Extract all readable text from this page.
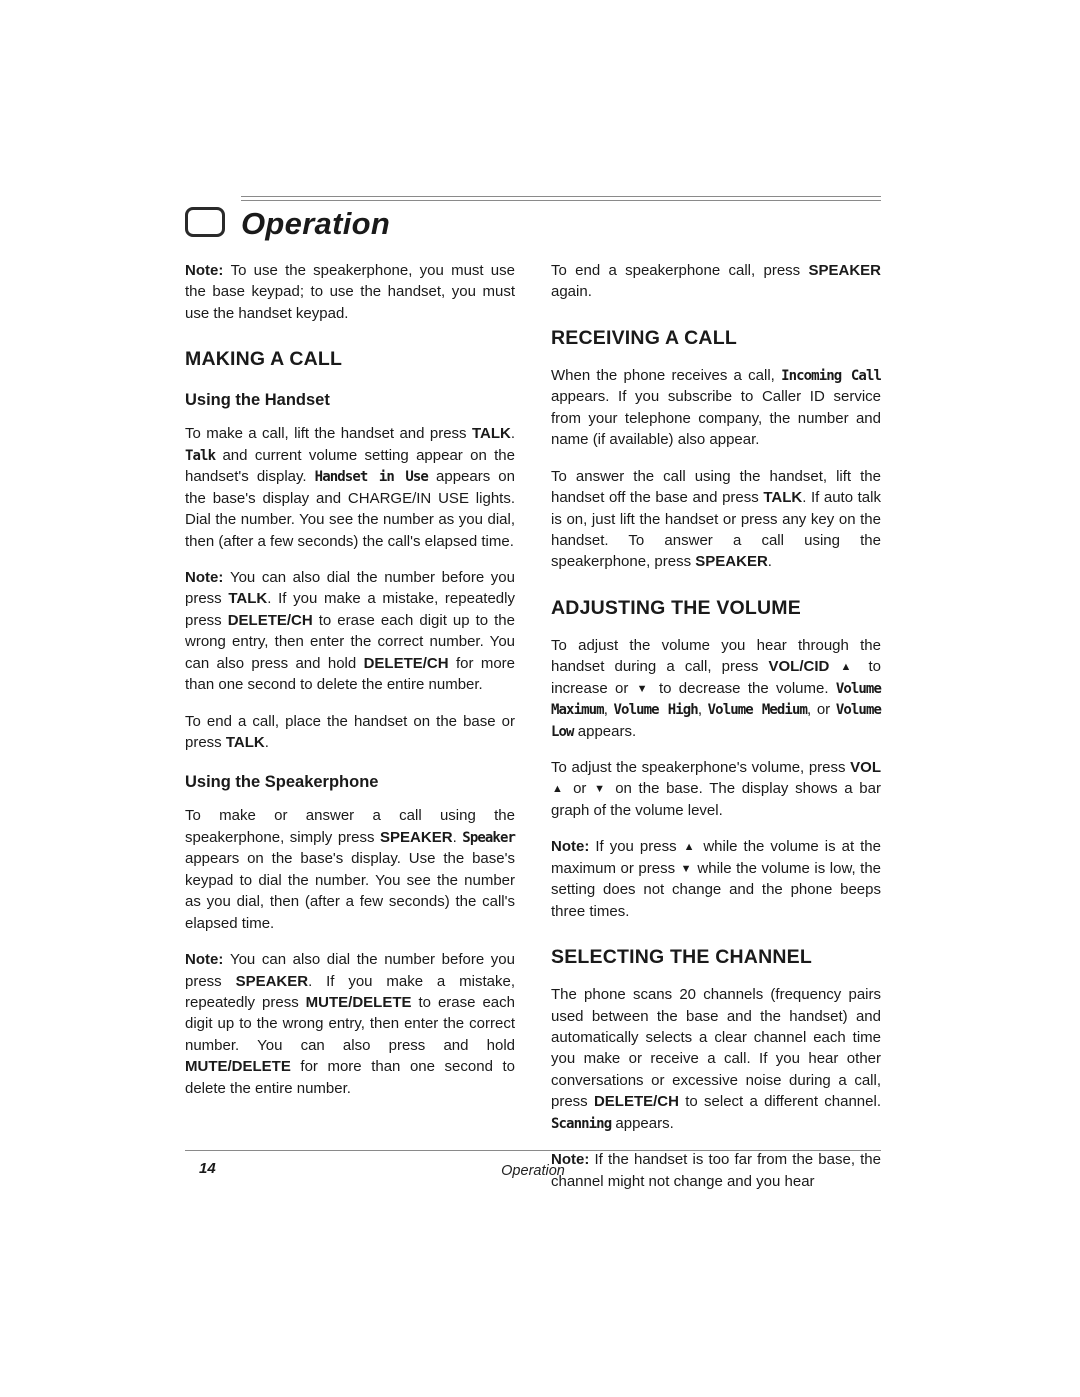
Operation

Note: To use the speakerphone, you must use the base keypad; to use the handset, you must use the handset keypad.

MAKING A CALL
Using the Handset

To make a call, lift the handset and press TALK. Talk and current volume setting appear on the handset's display. Handset in Use appears on the base's display and CHARGE/IN USE lights. Dial the number. You see the number as you dial, then (after a few seconds) the call's elapsed time.

Note: You can also dial the number before you press TALK. If you make a mistake, repeatedly press DELETE/CH to erase each digit up to the wrong entry, then enter the correct number. You can also press and hold DELETE/CH for more than one second to delete the entire number.

To end a call, place the handset on the base or press TALK.

Using the Speakerphone

To make or answer a call using the speakerphone, simply press SPEAKER. Speaker appears on the base's display. Use the base's keypad to dial the number. You see the number as you dial, then (after a few seconds) the call's elapsed time.

Note: You can also dial the number before you press SPEAKER. If you make a mistake, repeatedly press MUTE/DELETE to erase each digit up to the wrong entry, then enter the correct number. You can also press and hold MUTE/DELETE for more than one second to delete the entire number.

To end a speakerphone call, press SPEAKER again.

RECEIVING A CALL

When the phone receives a call, Incoming Call appears. If you subscribe to Caller ID service from your telephone company, the number and name (if available) also appear.

To answer the call using the handset, lift the handset off the base and press TALK. If auto talk is on, just lift the handset or press any key on the handset. To answer a call using the speakerphone, press SPEAKER.

ADJUSTING THE VOLUME

To adjust the volume you hear through the handset during a call, press VOL/CID ▲ to increase or ▼ to decrease the volume. Volume Maximum, Volume High, Volume Medium, or Volume Low appears.

To adjust the speakerphone's volume, press VOL ▲ or ▼ on the base. The display shows a bar graph of the volume level.

Note: If you press ▲ while the volume is at the maximum or press ▼ while the volume is low, the setting does not change and the phone beeps three times.

SELECTING THE CHANNEL

The phone scans 20 channels (frequency pairs used between the base and the handset) and automatically selects a clear channel each time you make or receive a call. If you hear other conversations or excessive noise during a call, press DELETE/CH to select a different channel. Scanning appears.

Note: If the handset is too far from the base, the channel might not change and you hear

14	Operation
